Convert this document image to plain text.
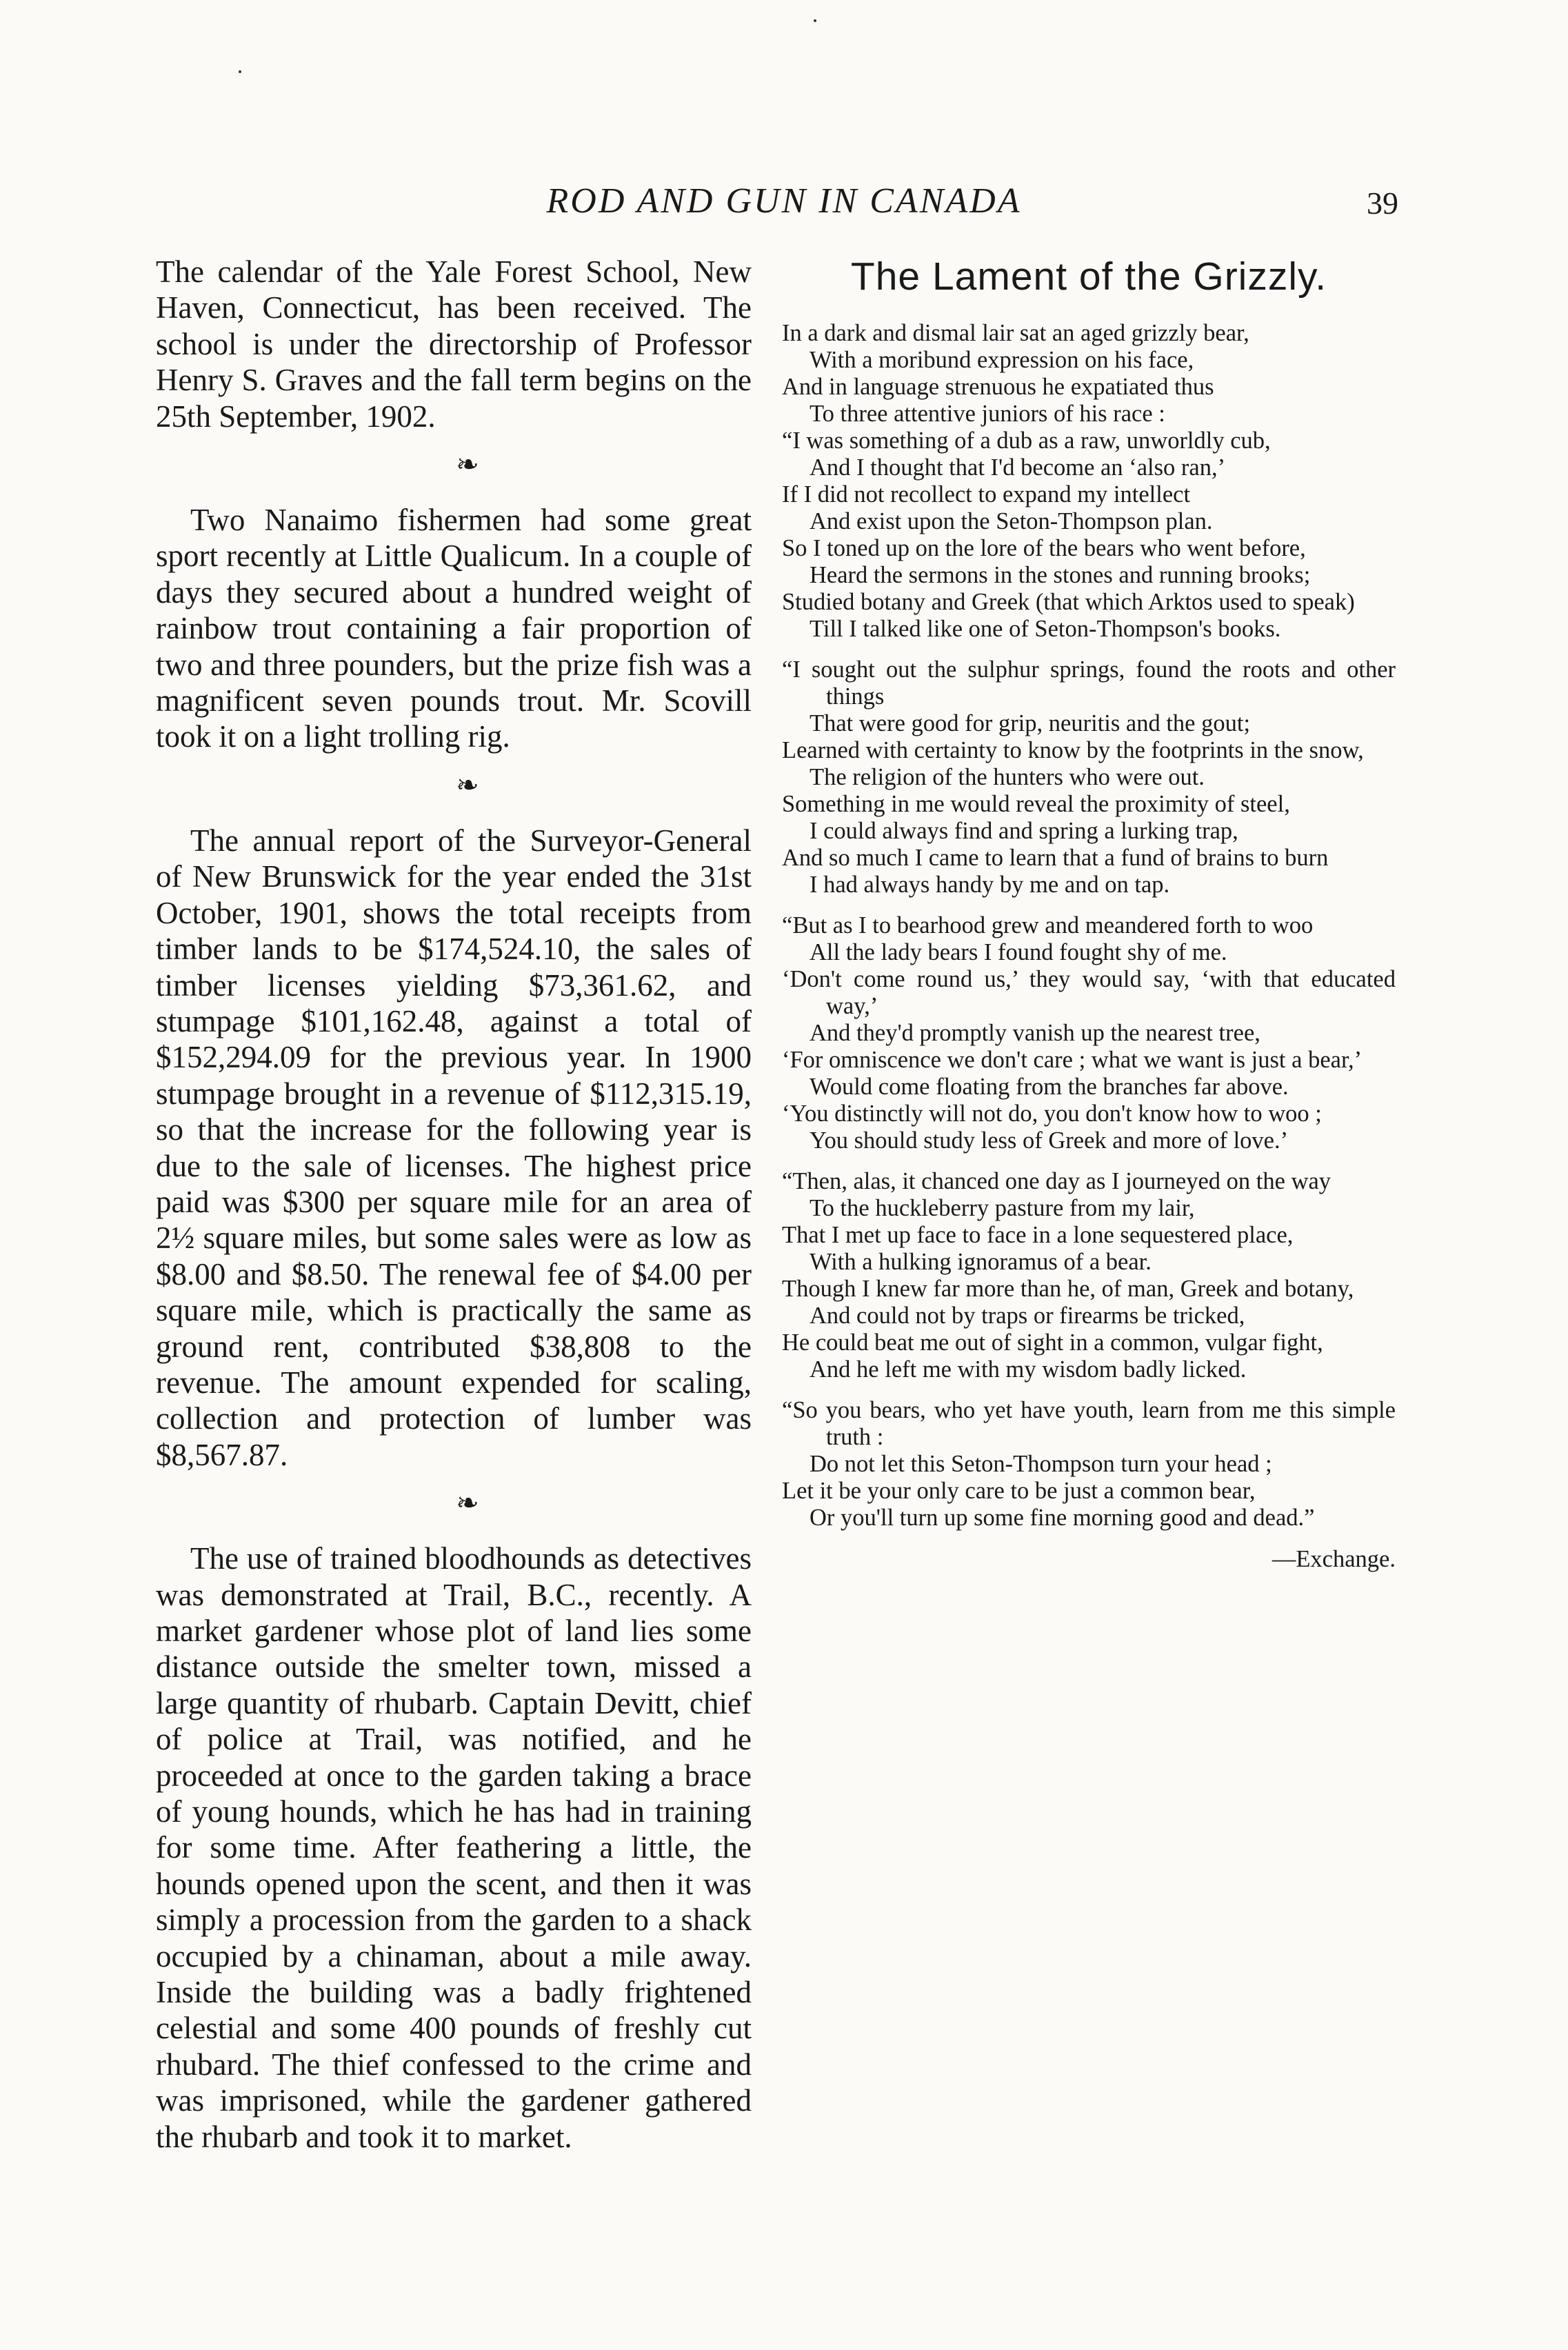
ROD AND GUN IN CANADA	39

The calendar of the Yale Forest School, New Haven, Connecticut, has been received. The school is under the directorship of Professor Henry S. Graves and the fall term begins on the 25th September, 1902.

❧

Two Nanaimo fishermen had some great sport recently at Little Qualicum. In a couple of days they secured about a hundred weight of rainbow trout containing a fair proportion of two and three pounders, but the prize fish was a magnificent seven pounds trout. Mr. Scovill took it on a light trolling rig.

❧

The annual report of the Surveyor-General of New Brunswick for the year ended the 31st October, 1901, shows the total receipts from timber lands to be $174,524.10, the sales of timber licenses yielding $73,361.62, and stumpage $101,162.48, against a total of $152,294.09 for the previous year. In 1900 stumpage brought in a revenue of $112,315.19, so that the increase for the following year is due to the sale of licenses. The highest price paid was $300 per square mile for an area of 2½ square miles, but some sales were as low as $8.00 and $8.50. The renewal fee of $4.00 per square mile, which is practically the same as ground rent, contributed $38,808 to the revenue. The amount expended for scaling, collection and protection of lumber was $8,567.87.

❧

The use of trained bloodhounds as detectives was demonstrated at Trail, B.C., recently. A market gardener whose plot of land lies some distance outside the smelter town, missed a large quantity of rhubarb. Captain Devitt, chief of police at Trail, was notified, and he proceeded at once to the garden taking a brace of young hounds, which he has had in training for some time. After feathering a little, the hounds opened upon the scent, and then it was simply a procession from the garden to a shack occupied by a chinaman, about a mile away. Inside the building was a badly frightened celestial and some 400 pounds of freshly cut rhubard. The thief confessed to the crime and was imprisoned, while the gardener gathered the rhubarb and took it to market.

The Lament of the Grizzly.
In a dark and dismal lair sat an aged grizzly bear,
With a moribund expression on his face,
And in language strenuous he expatiated thus
To three attentive juniors of his race :
“I was something of a dub as a raw, unworldly cub,
And I thought that I'd become an ‘also ran,’
If I did not recollect to expand my intellect
And exist upon the Seton-Thompson plan.
So I toned up on the lore of the bears who went before,
Heard the sermons in the stones and running brooks;
Studied botany and Greek (that which Arktos used to speak)
Till I talked like one of Seton-Thompson's books.
“I sought out the sulphur springs, found the roots and other things
That were good for grip, neuritis and the gout;
Learned with certainty to know by the footprints in the snow,
The religion of the hunters who were out.
Something in me would reveal the proximity of steel,
I could always find and spring a lurking trap,
And so much I came to learn that a fund of brains to burn
I had always handy by me and on tap.
“But as I to bearhood grew and meandered forth to woo
All the lady bears I found fought shy of me.
‘Don't come round us,’ they would say, ‘with that educated way,’
And they'd promptly vanish up the nearest tree,
‘For omniscence we don't care ; what we want is just a bear,’
Would come floating from the branches far above.
‘You distinctly will not do, you don't know how to woo ;
You should study less of Greek and more of love.’
“Then, alas, it chanced one day as I journeyed on the way
To the huckleberry pasture from my lair,
That I met up face to face in a lone sequestered place,
With a hulking ignoramus of a bear.
Though I knew far more than he, of man, Greek and botany,
And could not by traps or firearms be tricked,
He could beat me out of sight in a common, vulgar fight,
And he left me with my wisdom badly licked.
“So you bears, who yet have youth, learn from me this simple truth :
Do not let this Seton-Thompson turn your head ;
Let it be your only care to be just a common bear,
Or you'll turn up some fine morning good and dead.”
—Exchange.
